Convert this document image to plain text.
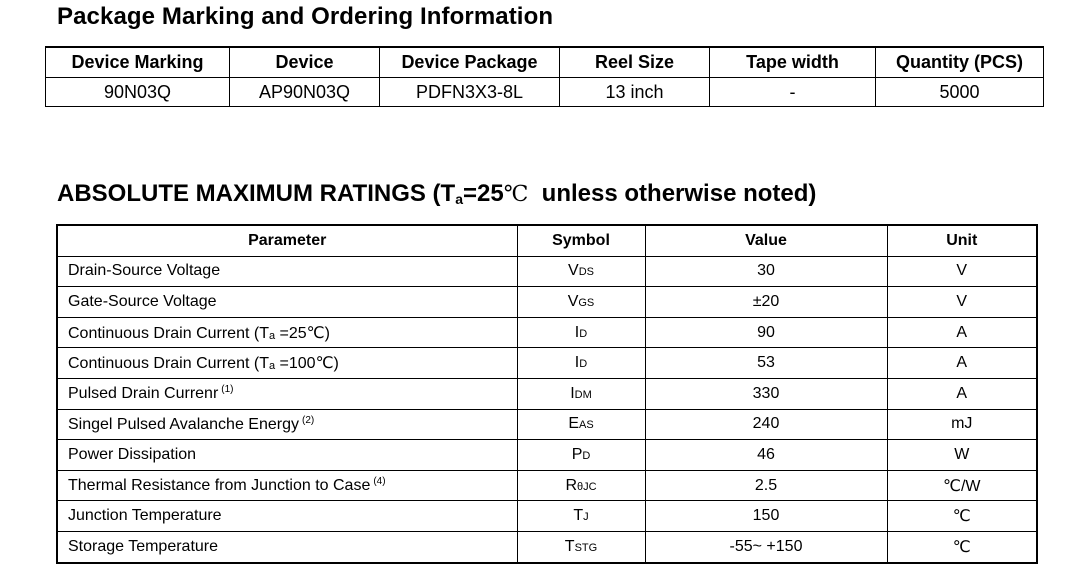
Package Marking and Ordering Information
Device Marking	Device	Device Package	Reel Size	Tape width	Quantity (PCS)
90N03Q	AP90N03Q	PDFN3X3-8L	13 inch	-	5000
ABSOLUTE MAXIMUM RATINGS ($T_a=25℃$  unless otherwise noted)
Parameter	Symbol	Value	Unit
Drain-Source Voltage	VDS	30	V
Gate-Source Voltage	VGS	±20	V
Continuous Drain Current (Ta =25℃)	ID	90	A
Continuous Drain Current (Ta =100℃)	ID	53	A
Pulsed Drain Currenr $^{(1)}$	IDM	330	A
Singel Pulsed Avalanche Energy $^{(2)}$	EAS	240	mJ
Power Dissipation	PD	46	W
Thermal Resistance from Junction to Case $^{(4)}$	RθJC	2.5	℃/W
Junction Temperature	TJ	150	℃
Storage Temperature	TSTG	-55~ +150	℃
